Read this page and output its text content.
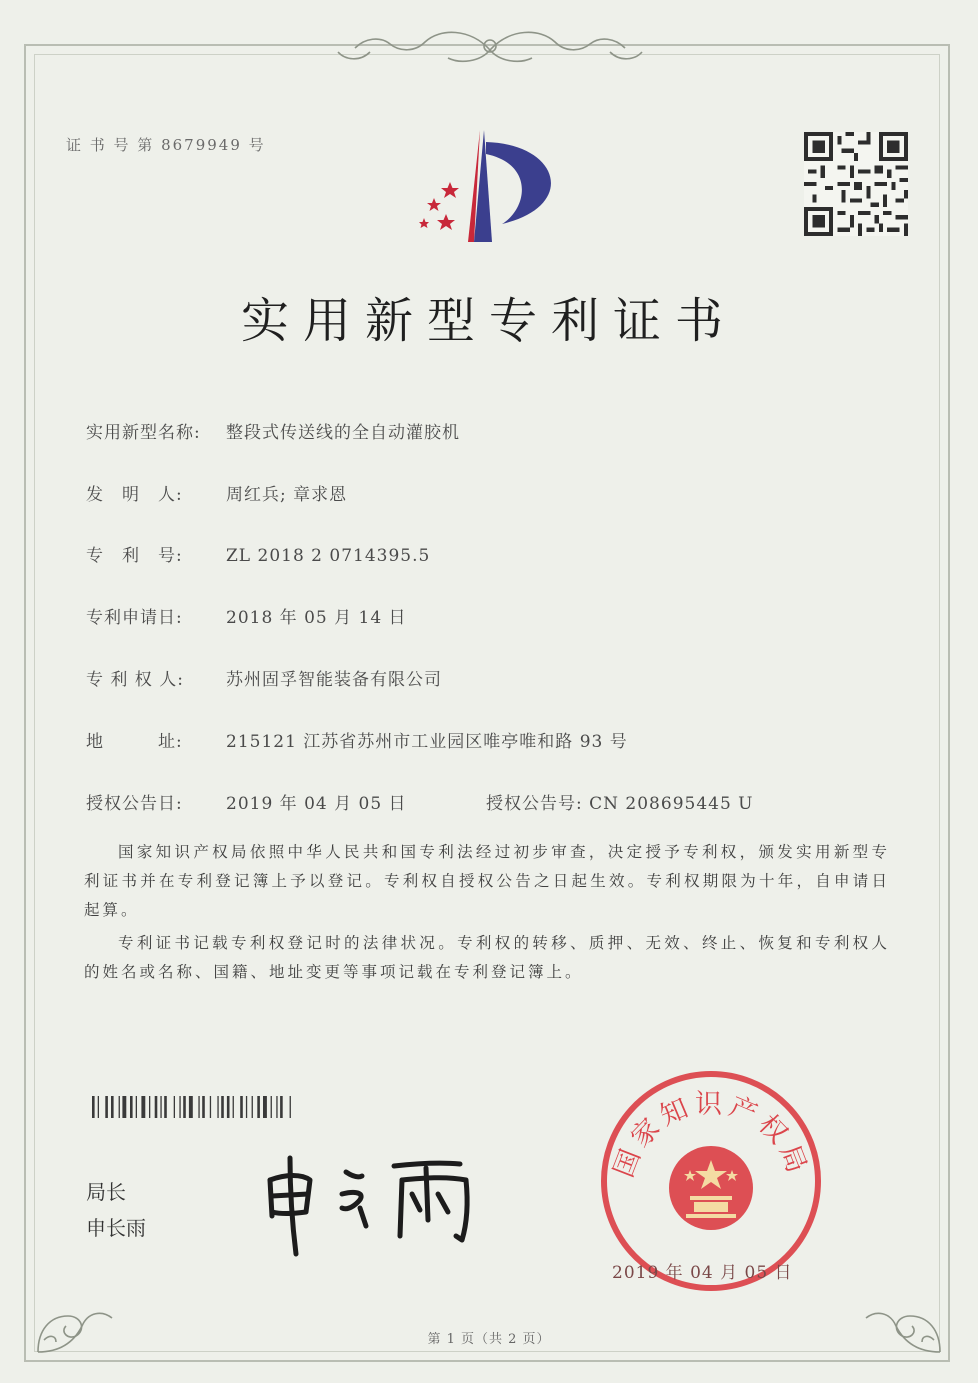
证 书 号 第 8679949 号
实用新型专利证书
实用新型名称: 整段式传送线的全自动灌胶机
发　明　人:	周红兵; 章求恩
专　利　号:	ZL 2018 2 0714395.5
专利申请日:	2018 年 05 月 14 日
专 利 权 人: 苏州固孚智能装备有限公司
地　　　址:	215121 江苏省苏州市工业园区唯亭唯和路 93 号
授权公告日:	2019 年 04 月 05 日	授权公告号: CN 208695445 U
国家知识产权局依照中华人民共和国专利法经过初步审查，决定授予专利权，颁发实用新型专利证书并在专利登记簿上予以登记。专利权自授权公告之日起生效。专利权期限为十年，自申请日起算。
专利证书记载专利权登记时的法律状况。专利权的转移、质押、无效、终止、恢复和专利权人的姓名或名称、国籍、地址变更等事项记载在专利登记簿上。
局长
申长雨
国家知识产权局
2019 年 04 月 05 日
第 1 页（共 2 页）
